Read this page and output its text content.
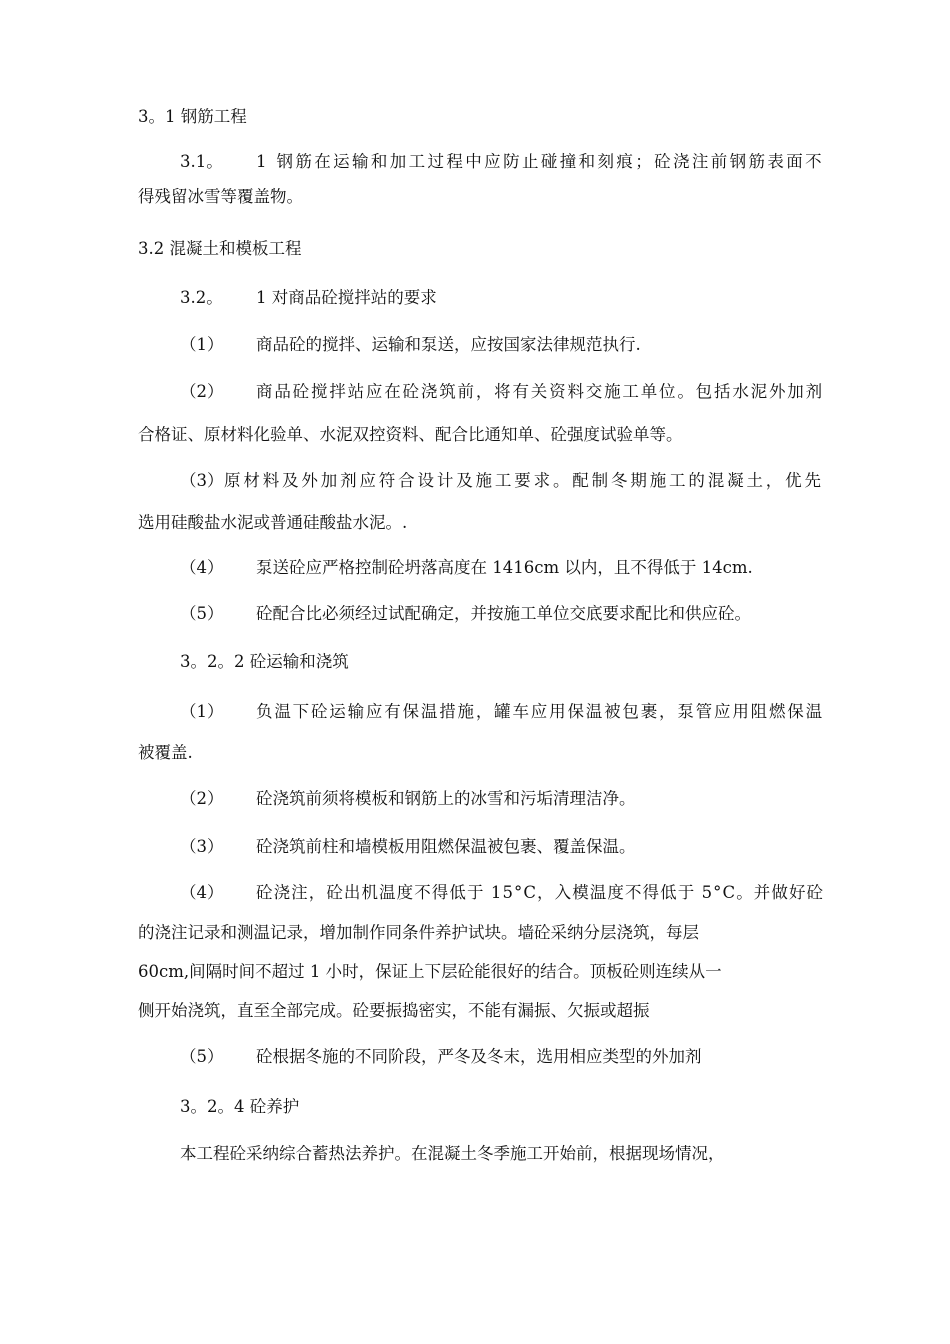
3。1 钢筋工程
3.1。 1 钢筋在运输和加工过程中应防止碰撞和刻痕；砼浇注前钢筋表面不
得残留冰雪等覆盖物。
3.2 混凝土和模板工程
3.2。 1 对商品砼搅拌站的要求
（1） 商品砼的搅拌、运输和泵送，应按国家法律规范执行.
（2） 商品砼搅拌站应在砼浇筑前，将有关资料交施工单位。包括水泥外加剂
合格证、原材料化验单、水泥双控资料、配合比通知单、砼强度试验单等。
（3） 原材料及外加剂应符合设计及施工要求。配制冬期施工的混凝土，优先
选用硅酸盐水泥或普通硅酸盐水泥。.
（4） 泵送砼应严格控制砼坍落高度在 1416cm 以内，且不得低于 14cm.
（5） 砼配合比必须经过试配确定，并按施工单位交底要求配比和供应砼。
3。2。2 砼运输和浇筑
（1） 负温下砼运输应有保温措施，罐车应用保温被包裹，泵管应用阻燃保温
被覆盖.
（2） 砼浇筑前须将模板和钢筋上的冰雪和污垢清理洁净。
（3） 砼浇筑前柱和墙模板用阻燃保温被包裹、覆盖保温。
（4） 砼浇注，砼出机温度不得低于 15°C，入模温度不得低于 5°C。并做好砼
的浇注记录和测温记录，增加制作同条件养护试块。墙砼采纳分层浇筑，每层
60cm,间隔时间不超过 1 小时，保证上下层砼能很好的结合。顶板砼则连续从一
侧开始浇筑，直至全部完成。砼要振捣密实，不能有漏振、欠振或超振
（5） 砼根据冬施的不同阶段，严冬及冬末，选用相应类型的外加剂
3。2。4 砼养护
本工程砼采纳综合蓄热法养护。在混凝土冬季施工开始前，根据现场情况，
